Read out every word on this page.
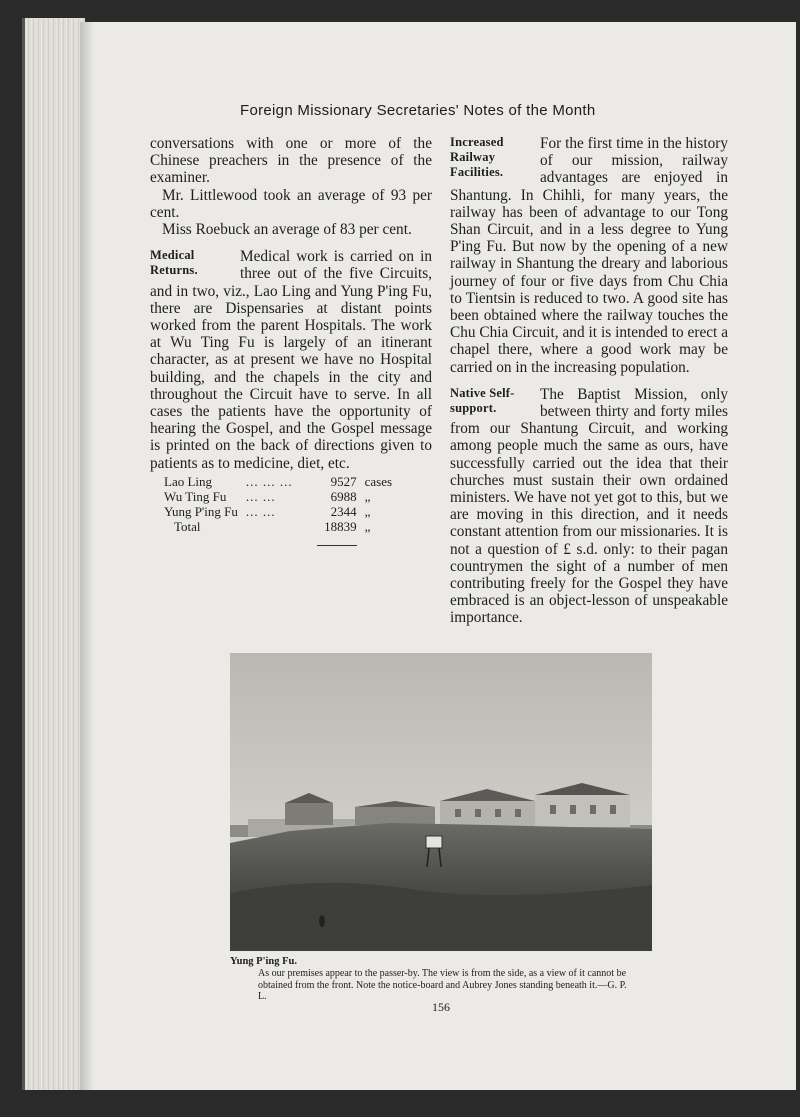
Foreign Missionary Secretaries' Notes of the Month

conversations with one or more of the Chinese preachers in the presence of the examiner.

Mr. Littlewood took an average of 93 per cent.

Miss Roebuck an average of 83 per cent.

Medical
Returns.

Medical work is carried on in three out of the five Circuits, and in two, viz., Lao Ling and Yung P'ing Fu, there are Dispensaries at distant points worked from the parent Hospitals. The work at Wu Ting Fu is largely of an itinerant character, as at present we have no Hospital building, and the chapels in the city and throughout the Circuit have to serve. In all cases the patients have the opportunity of hearing the Gospel, and the Gospel message is printed on the back of directions given to patients as to medicine, diet, etc.

Lao Ling	... ... ...	9527	cases
Wu Ting Fu	... ...	6988	„
Yung P'ing Fu	... ...	2344	„
Total		18839	„

Increased
Railway
Facilities.

For the first time in the history of our mission, railway advantages are enjoyed in Shantung. In Chihli, for many years, the railway has been of advantage to our Tong Shan Circuit, and in a less degree to Yung P'ing Fu. But now by the opening of a new railway in Shantung the dreary and laborious journey of four or five days from Chu Chia to Tientsin is reduced to two. A good site has been obtained where the railway touches the Chu Chia Circuit, and it is intended to erect a chapel there, where a good work may be carried on in the increasing population.

Native Self-
support.

The Baptist Mission, only between thirty and forty miles from our Shantung Circuit, and working among people much the same as ours, have successfully carried out the idea that their churches must sustain their own ordained ministers. We have not yet got to this, but we are moving in this direction, and it needs constant attention from our missionaries. It is not a question of £ s.d. only: to their pagan countrymen the sight of a number of men contributing freely for the Gospel they have embraced is an object-lesson of unspeakable importance.

Yung P'ing Fu.
As our premises appear to the passer-by. The view is from the side, as a view of it cannot be obtained from the front. Note the notice-board and Aubrey Jones standing beneath it.—G. P. L.
156
